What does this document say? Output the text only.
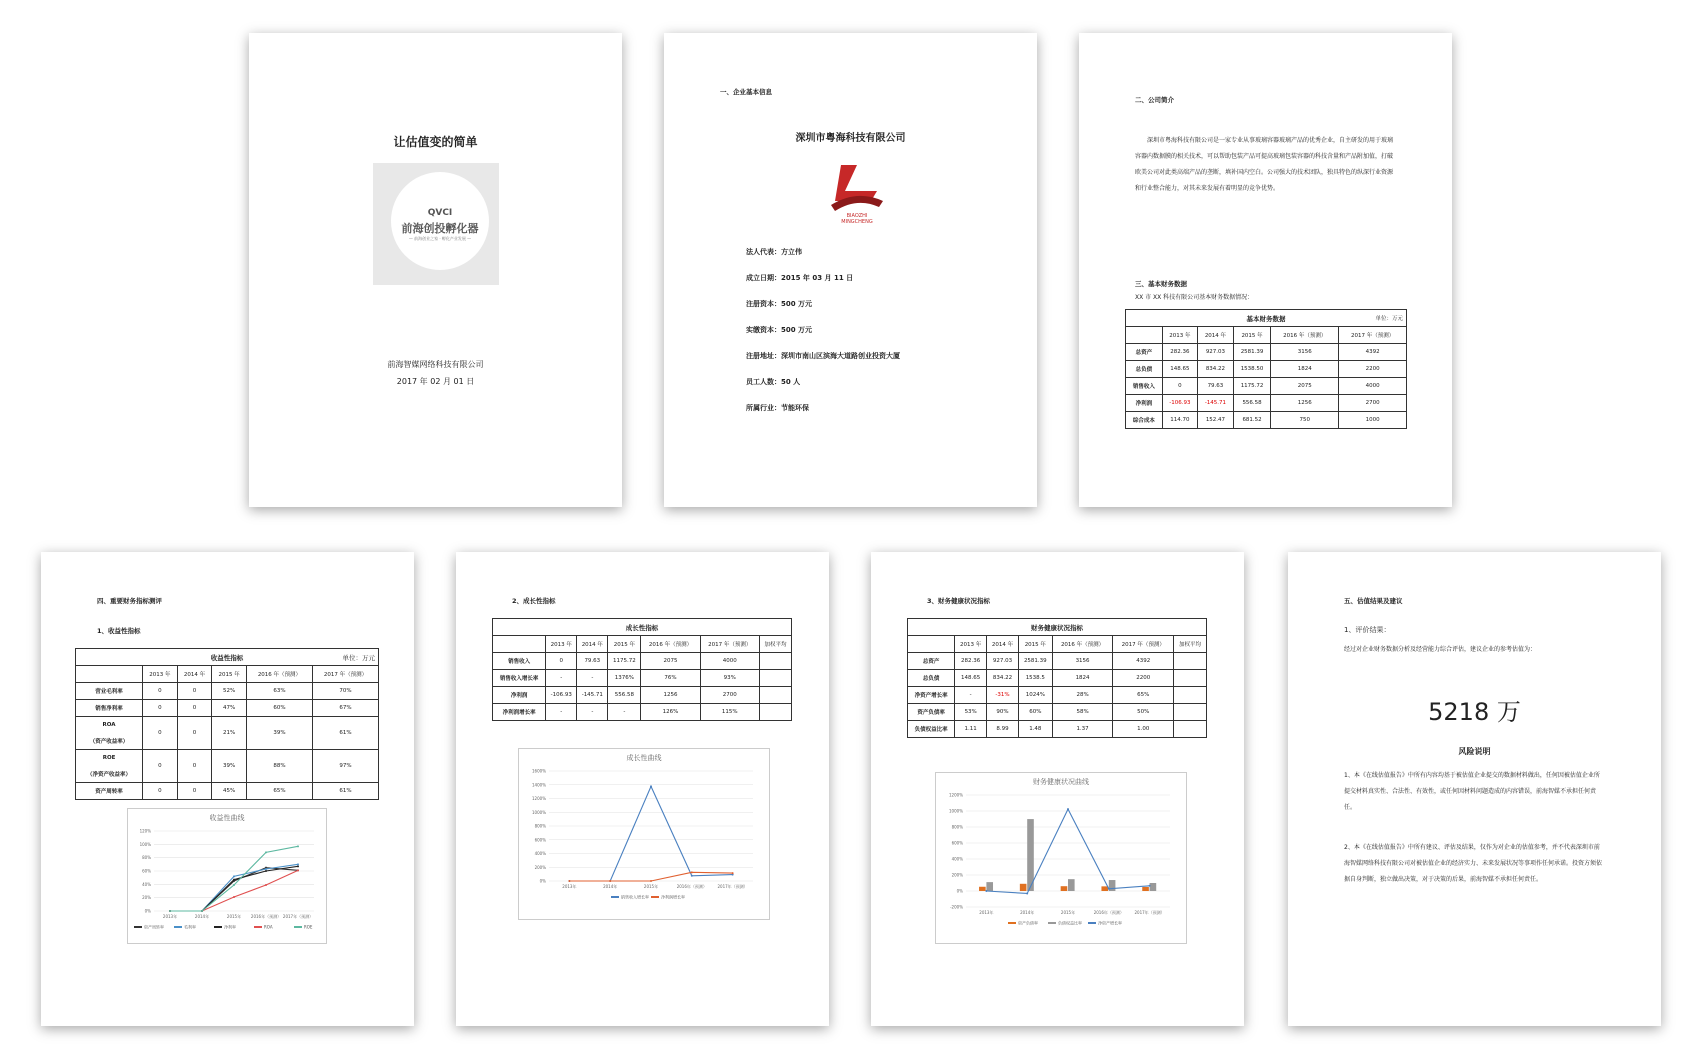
让估值变的简单
QVCI
前海创投孵化器
— 前海创业之家 · 孵化产业发展 —
前海智媒网络科技有限公司
2017 年 02 月 01 日
一、企业基本信息
深圳市粤海科技有限公司
BIAOZHI
MINGCHENG
法人代表：方立伟
成立日期：2015 年 03 月 11 日
注册资本：500 万元
实缴资本：500 万元
注册地址：深圳市南山区滨海大道路创业投资大厦
员工人数：50 人
所属行业：节能环保
二、公司简介

深圳市粤海科技有限公司是一家专业从事玻璃容器玻璃产品的优秀企业，自主研发的用于玻璃容器内数据膜的相关技术，可以帮助包装产品可提高玻璃包装容器的科技含量和产品附加值，打破欧美公司对此类高端产品的垄断，填补国内空白。公司强大的技术团队，独具特色的纵深行业资源和行业整合能力，对其未来发展有着明显的竞争优势。

三、基本财务数据
XX 市 XX 科技有限公司基本财务数据情况：
基本财务数据 单位：万元					

	2013 年	2014 年	2015 年	2016 年（预测）	2017 年（预测）
总资产	282.36	927.03	2581.39	3156	4392
总负债	148.65	834.22	1538.50	1824	2200
销售收入	0	79.63	1175.72	2075	4000
净利润	-106.93	-145.71	556.58	1256	2700
综合成本	114.70	152.47	681.52	750	1000
四、重要财务指标测评
1、收益性指标
收益性指标 单位：万元					

	2013 年	2014 年	2015 年	2016 年（预测）	2017 年（预测）
营业毛利率	0	0	52%	63%	70%
销售净利率	0	0	47%	60%	67%
ROA	0	0	21%	39%	61%
（资产收益率）					
ROE	0	0	39%	88%	97%
（净资产收益率）					
资产周转率	0	0	45%	65%	61%
收益性曲线
0%
20%
40%
60%
80%
100%
120%
2013年	2014年	2015年 2016年（预测） 2017年（预测）
资产周转率	毛利率	净利率	ROA	ROE
2、成长性指标
成长性指标						
	2013 年	2014 年	2015 年	2016 年（预测）	2017 年（预测）	加权平均
销售收入	0	79.63	1175.72	2075	4000	
销售收入增长率	-	-	1376%	76%	93%	
净利润	-106.93	-145.71	556.58	1256	2700	
净利润增长率	-	-	-	126%	115%	
成长性曲线
0%
200%
400%
600%
800%
1000%
1200%
1400%
1600%
2013年	2014年	2015年	2016年（预测）	2017年（预测）
销售收入增长率	净利润增长率
3、财务健康状况指标
财务健康状况指标						
	2013 年	2014 年	2015 年	2016 年（预测）	2017 年（预测）	加权平均
总资产	282.36	927.03	2581.39	3156	4392	
总负债	148.65	834.22	1538.5	1824	2200	
净资产增长率	-	-31%	1024%	28%	65%	
资产负债率	53%	90%	60%	58%	50%	
负债权益比率	1.11	8.99	1.48	1.37	1.00	
财务健康状况曲线
-200%
0%
200%
400%
600%
800%
1000%
1200%
2013年	2014年	2015年	2016年（预测）	2017年（预测）
资产负债率	负债权益比率	净资产增长率
五、估值结果及建议
1、评价结果：

经过对企业财务数据分析及经营能力综合评估，建议企业的参考估值为：

5218 万
风险说明

1、本《在线估值报告》中所有内容均基于被估值企业提交的数据材料做出，任何因被估值企业所提交材料真实性、合法性、有效性，或任何因材料问题造成的内容错误，前海智媒不承担任何责任。

2、本《在线估值报告》中所有建议、评估及结果，仅作为对企业的估值参考，并不代表深圳市前海智媒网络科技有限公司对被估值企业的经济实力、未来发展状况等事项作任何承诺。投资方须依据自身判断，独立做出决策，对于决策的后果，前海智媒不承担任何责任。
